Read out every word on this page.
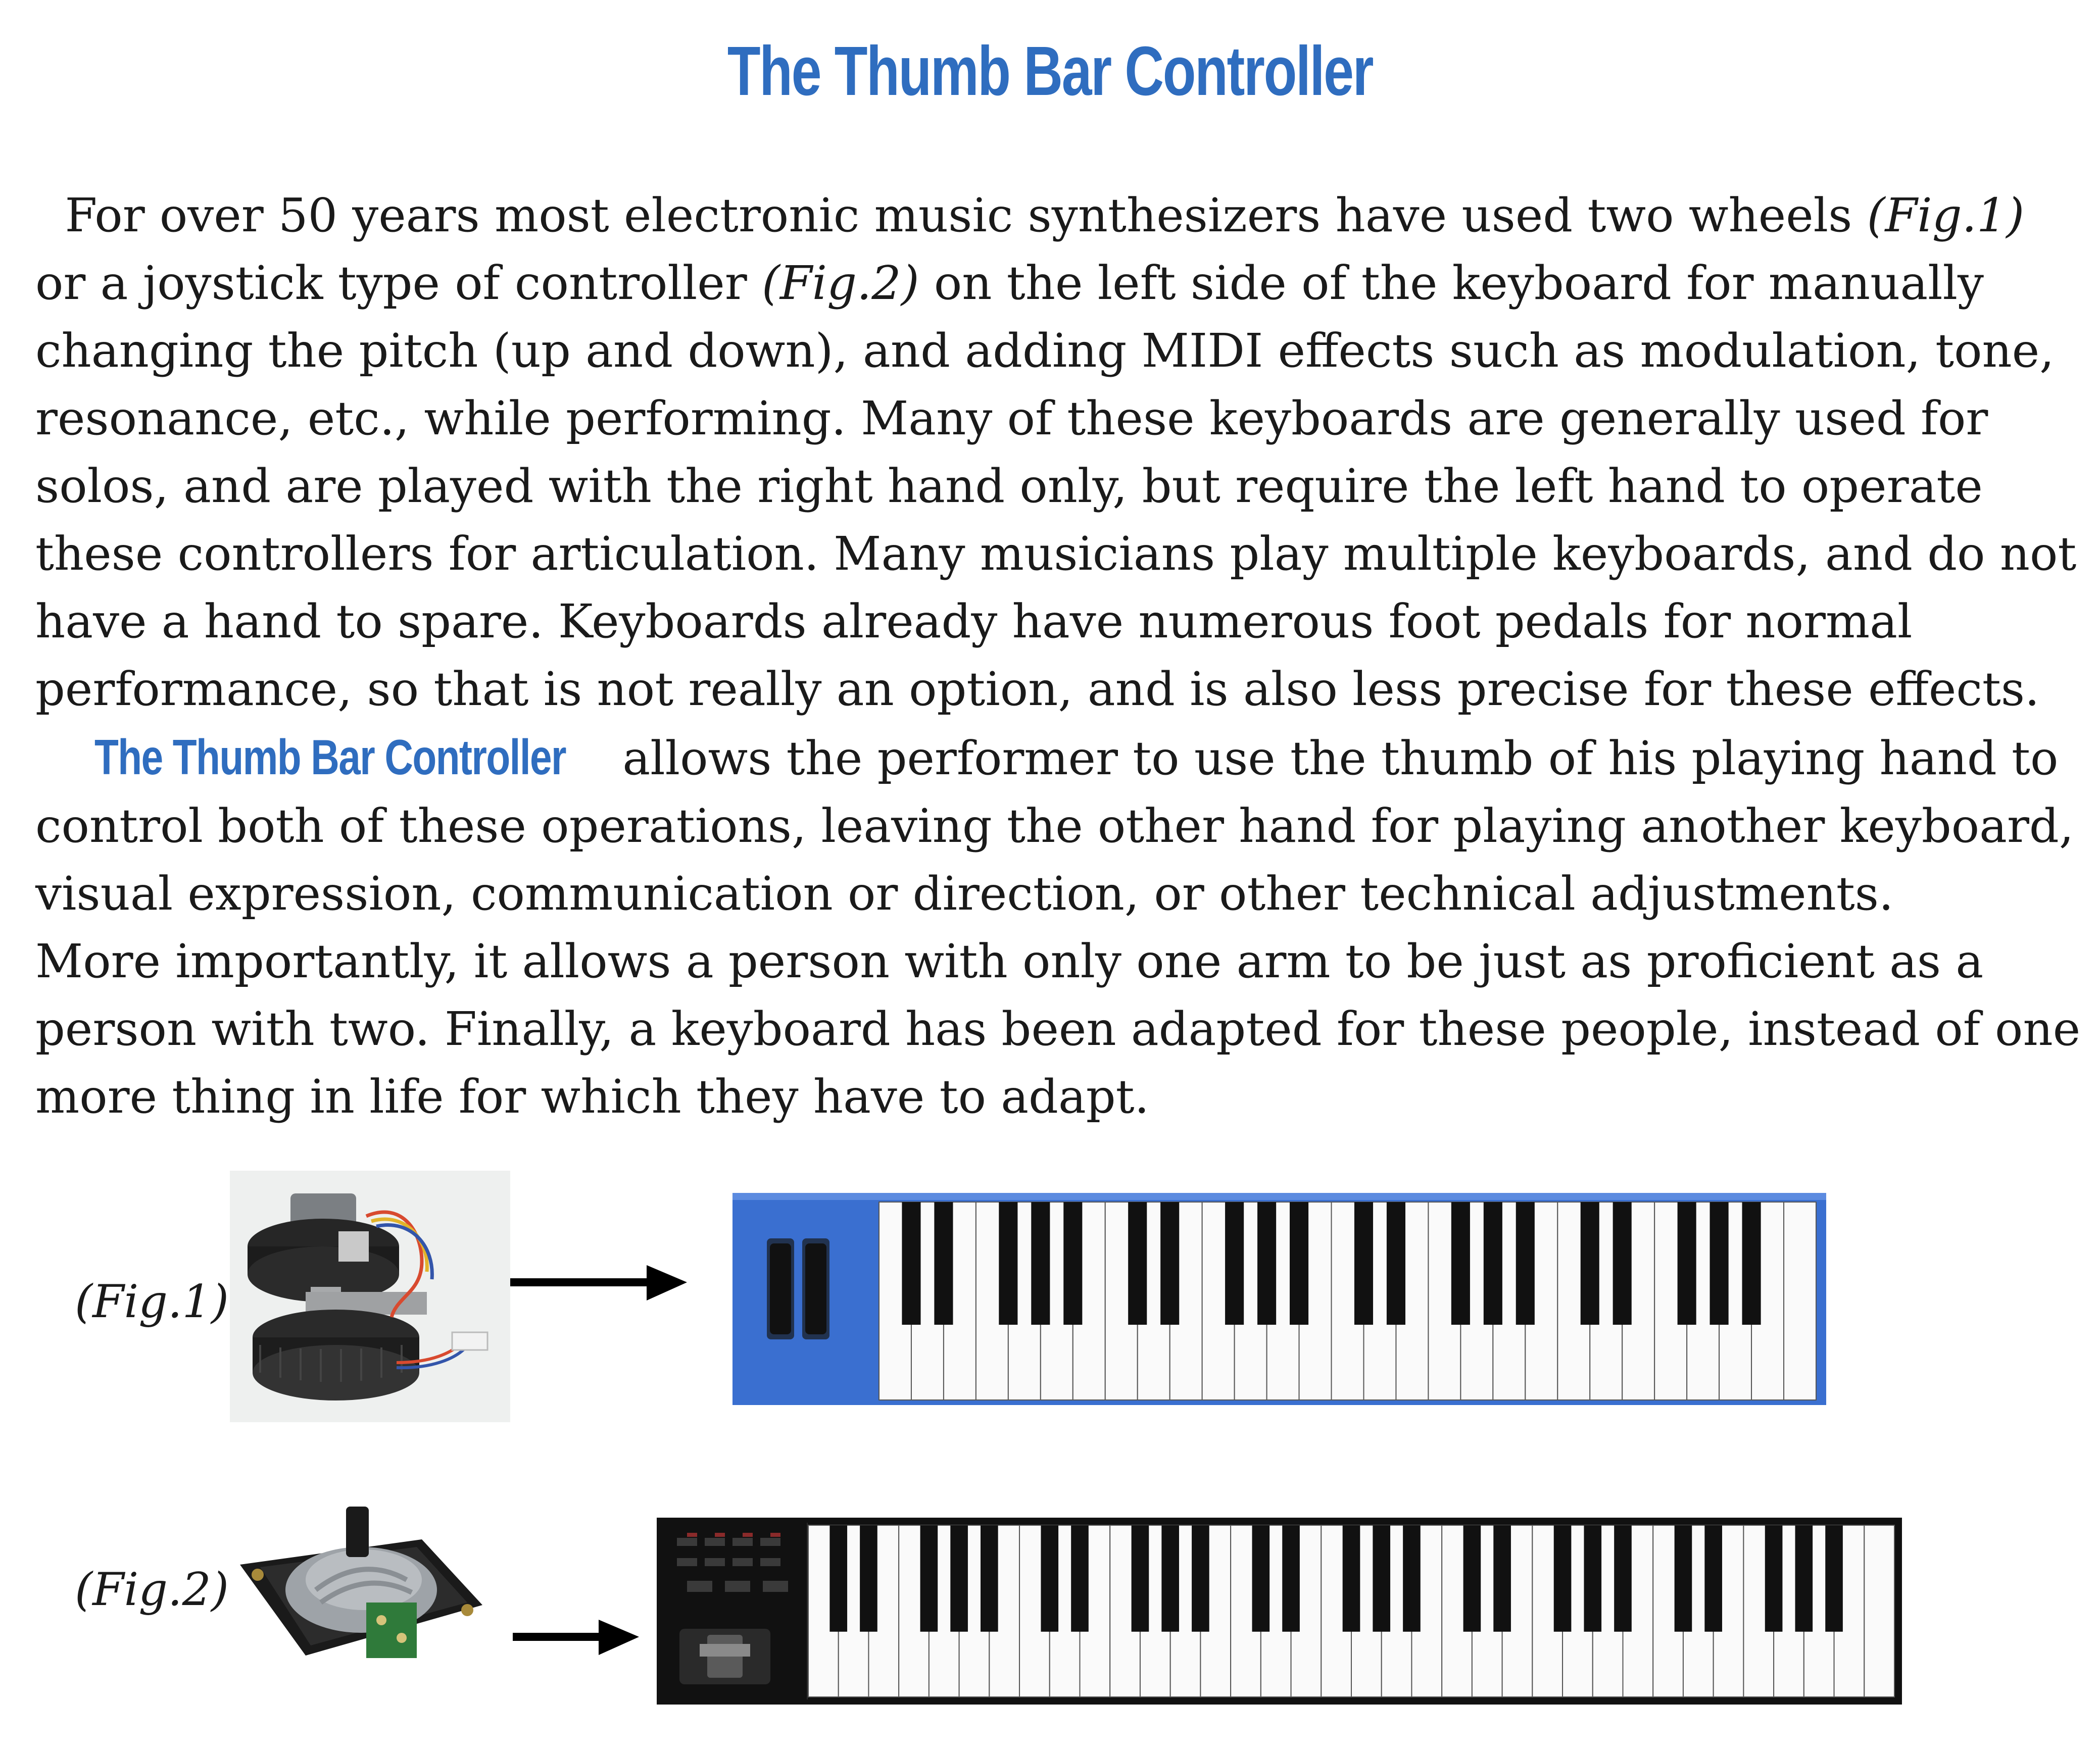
The Thumb Bar Controller

For over 50 years most electronic music synthesizers have used two wheels (Fig.1) or a joystick type of controller (Fig.2) on the left side of the keyboard for manually changing the pitch (up and down), and adding MIDI effects such as modulation, tone, resonance, etc., while performing. Many of these keyboards are generally used for solos, and are played with the right hand only, but require the left hand to operate these controllers for articulation. Many musicians play multiple keyboards, and do not have a hand to spare. Keyboards already have numerous foot pedals for normal performance, so that is not really an option, and is also less precise for these effects.

The Thumb Bar Controller allows the performer to use the thumb of his playing hand to control both of these operations, leaving the other hand for playing another keyboard, visual expression, communication or direction, or other technical adjustments.

More importantly, it allows a person with only one arm to be just as proficient as a person with two. Finally, a keyboard has been adapted for these people, instead of one more thing in life for which they have to adapt.

(Fig.1)
(Fig.2)
